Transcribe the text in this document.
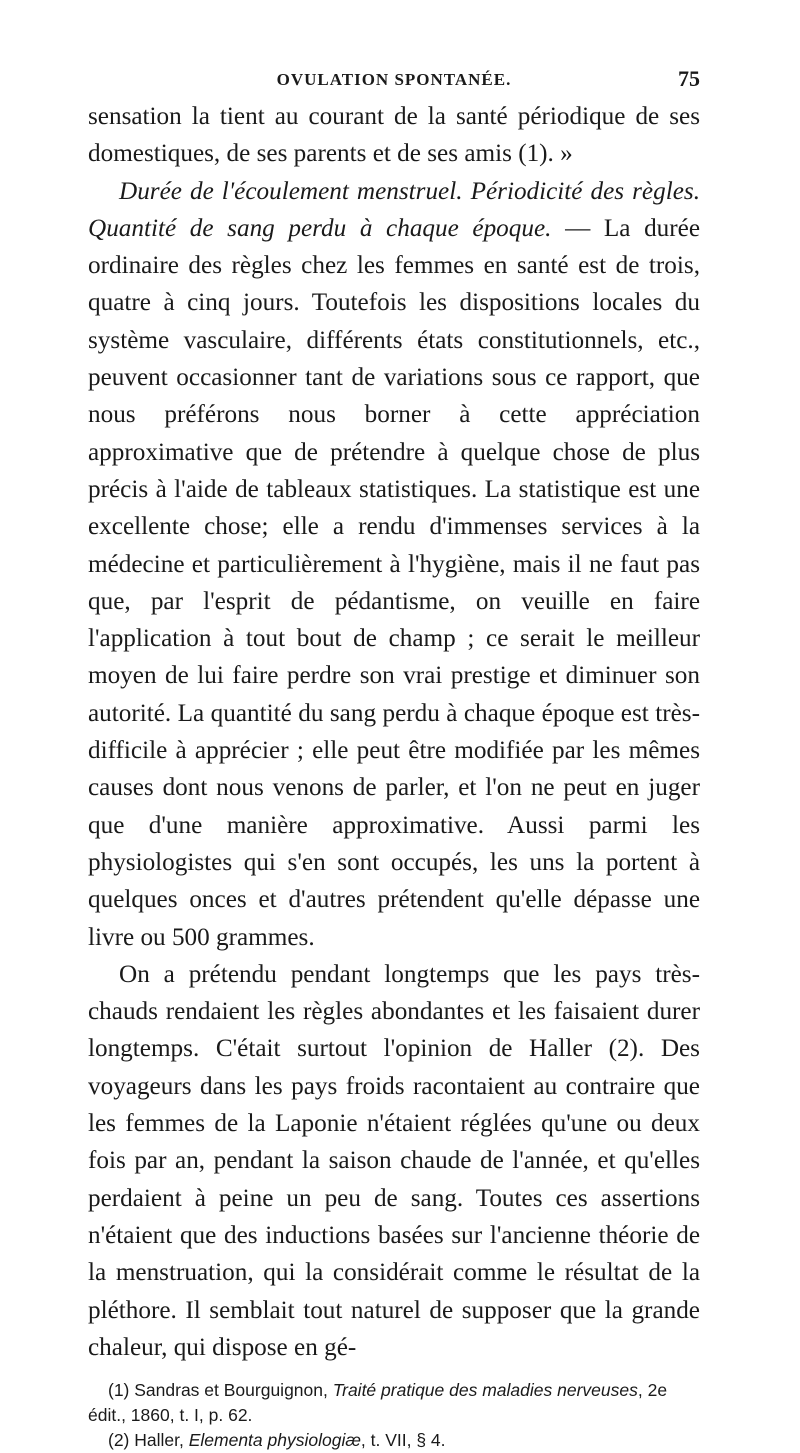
OVULATION SPONTANÉE.	75

sensation la tient au courant de la santé périodique de ses domestiques, de ses parents et de ses amis (1). »

Durée de l'écoulement menstruel. Périodicité des règles. Quantité de sang perdu à chaque époque. — La durée ordinaire des règles chez les femmes en santé est de trois, quatre à cinq jours. Toutefois les dispositions locales du système vasculaire, différents états constitutionnels, etc., peuvent occasionner tant de variations sous ce rapport, que nous préférons nous borner à cette appréciation approximative que de prétendre à quelque chose de plus précis à l'aide de tableaux statistiques. La statistique est une excellente chose; elle a rendu d'immenses services à la médecine et particulièrement à l'hygiène, mais il ne faut pas que, par l'esprit de pédantisme, on veuille en faire l'application à tout bout de champ ; ce serait le meilleur moyen de lui faire perdre son vrai prestige et diminuer son autorité. La quantité du sang perdu à chaque époque est très-difficile à apprécier ; elle peut être modifiée par les mêmes causes dont nous venons de parler, et l'on ne peut en juger que d'une manière approximative. Aussi parmi les physiologistes qui s'en sont occupés, les uns la portent à quelques onces et d'autres prétendent qu'elle dépasse une livre ou 500 grammes.

On a prétendu pendant longtemps que les pays très-chauds rendaient les règles abondantes et les faisaient durer longtemps. C'était surtout l'opinion de Haller (2). Des voyageurs dans les pays froids racontaient au contraire que les femmes de la Laponie n'étaient réglées qu'une ou deux fois par an, pendant la saison chaude de l'année, et qu'elles perdaient à peine un peu de sang. Toutes ces assertions n'étaient que des inductions basées sur l'ancienne théorie de la menstruation, qui la considérait comme le résultat de la pléthore. Il semblait tout naturel de supposer que la grande chaleur, qui dispose en gé-

(1) Sandras et Bourguignon, Traité pratique des maladies nerveuses, 2e édit., 1860, t. I, p. 62.

(2) Haller, Elementa physiologiæ, t. VII, § 4.
